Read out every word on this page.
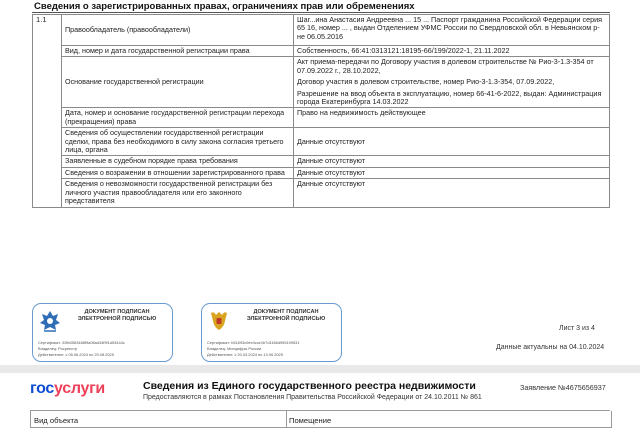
Сведения о зарегистрированных правах, ограничениях прав или обременениях
1.1	Правообладатель (правообладатели)	Шаг...ина Анастасия Андреевна ... 15 ... Паспорт гражданина Российской Федерации серия 65 16, номер ... , выдан Отделением УФМС России по Свердловской обл. в Невьянском р-не 06.05.2016
	Вид, номер и дата государственной регистрации права	Собственность, 66:41:0313121:18195-66/199/2022-1, 21.11.2022
	Основание государственной регистрации	Акт приема-передачи по Договору участия в долевом строительстве № Рио-3-1.3-354 от 07.09.2022 г., 28.10.2022,
Договор участия в долевом строительстве, номер Рио-3-1.3-354, 07.09.2022,
Разрешение на ввод объекта в эксплуатацию, номер 66-41-6-2022, выдан: Администрация города Екатеринбурга 14.03.2022

	Дата, номер и основание государственной регистрации перехода (прекращения) права	Право на недвижимость действующее
	Сведения об осуществлении государственной регистрации сделки, права без необходимого в силу закона согласия третьего лица, органа	Данные отсутствуют
	Заявленные в судебном порядке права требования	Данные отсутствуют
	Сведения о возражении в отношении зарегистрированного права	Данные отсутствуют
	Сведения о невозможности государственной регистрации без личного участия правообладателя или его законного представителя	Данные отсутствуют
ДОКУМЕНТ ПОДПИСАН ЭЛЕКТРОННОЙ ПОДПИСЬЮ
Сертификат: 53fb0583468f9a08ad34f9f1d53444c
Владелец: Росреестр
Действителен: с 05.06.2024 по 29.08.2025
ДОКУМЕНТ ПОДПИСАН ЭЛЕКТРОННОЙ ПОДПИСЬЮ
Сертификат: b51893c0ee4cce1b7d1166d955199531
Владелец: Минцифры России
Действителен: с 20.03.2024 по 13.06.2025
Лист 3 из 4
Данные актуальны на 04.10.2024
госуслуги	Сведения из Единого государственного реестра недвижимости
Предоставляются в рамках Постановления Правительства Российской Федерации от 24.10.2011 № 861
Заявление №4675656937
Вид объекта	Помещение
